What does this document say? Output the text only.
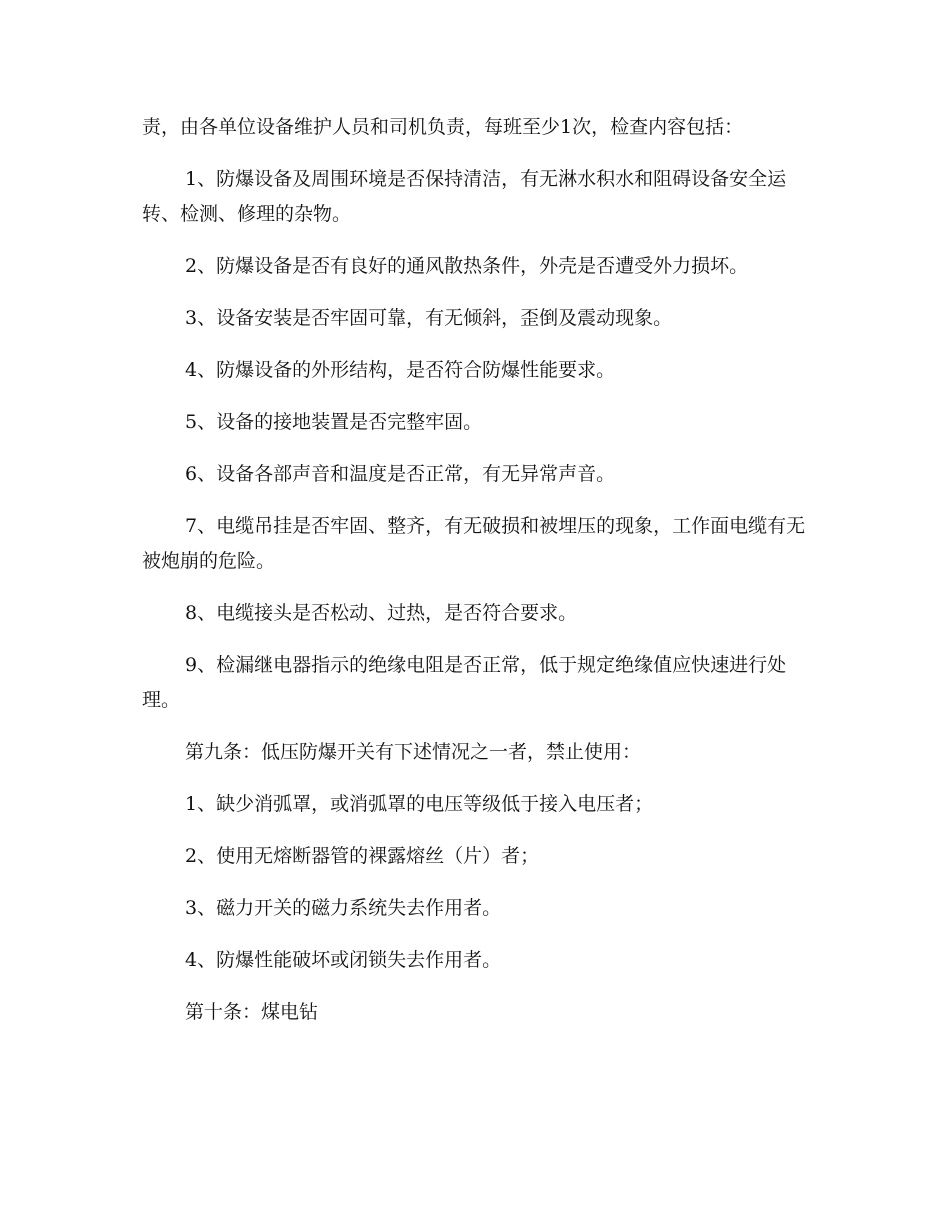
责，由各单位设备维护人员和司机负责，每班至少1次，检查内容包括：

1、防爆设备及周围环境是否保持清洁，有无淋水积水和阻碍设备安全运转、检测、修理的杂物。

2、防爆设备是否有良好的通风散热条件，外壳是否遭受外力损坏。

3、设备安装是否牢固可靠，有无倾斜，歪倒及震动现象。

4、防爆设备的外形结构，是否符合防爆性能要求。

5、设备的接地装置是否完整牢固。

6、设备各部声音和温度是否正常，有无异常声音。

7、电缆吊挂是否牢固、整齐，有无破损和被埋压的现象，工作面电缆有无被炮崩的危险。

8、电缆接头是否松动、过热，是否符合要求。

9、检漏继电器指示的绝缘电阻是否正常，低于规定绝缘值应快速进行处理。

第九条：低压防爆开关有下述情况之一者，禁止使用：

1、缺少消弧罩，或消弧罩的电压等级低于接入电压者；

2、使用无熔断器管的裸露熔丝（片）者；

3、磁力开关的磁力系统失去作用者。

4、防爆性能破坏或闭锁失去作用者。

第十条：煤电钻
